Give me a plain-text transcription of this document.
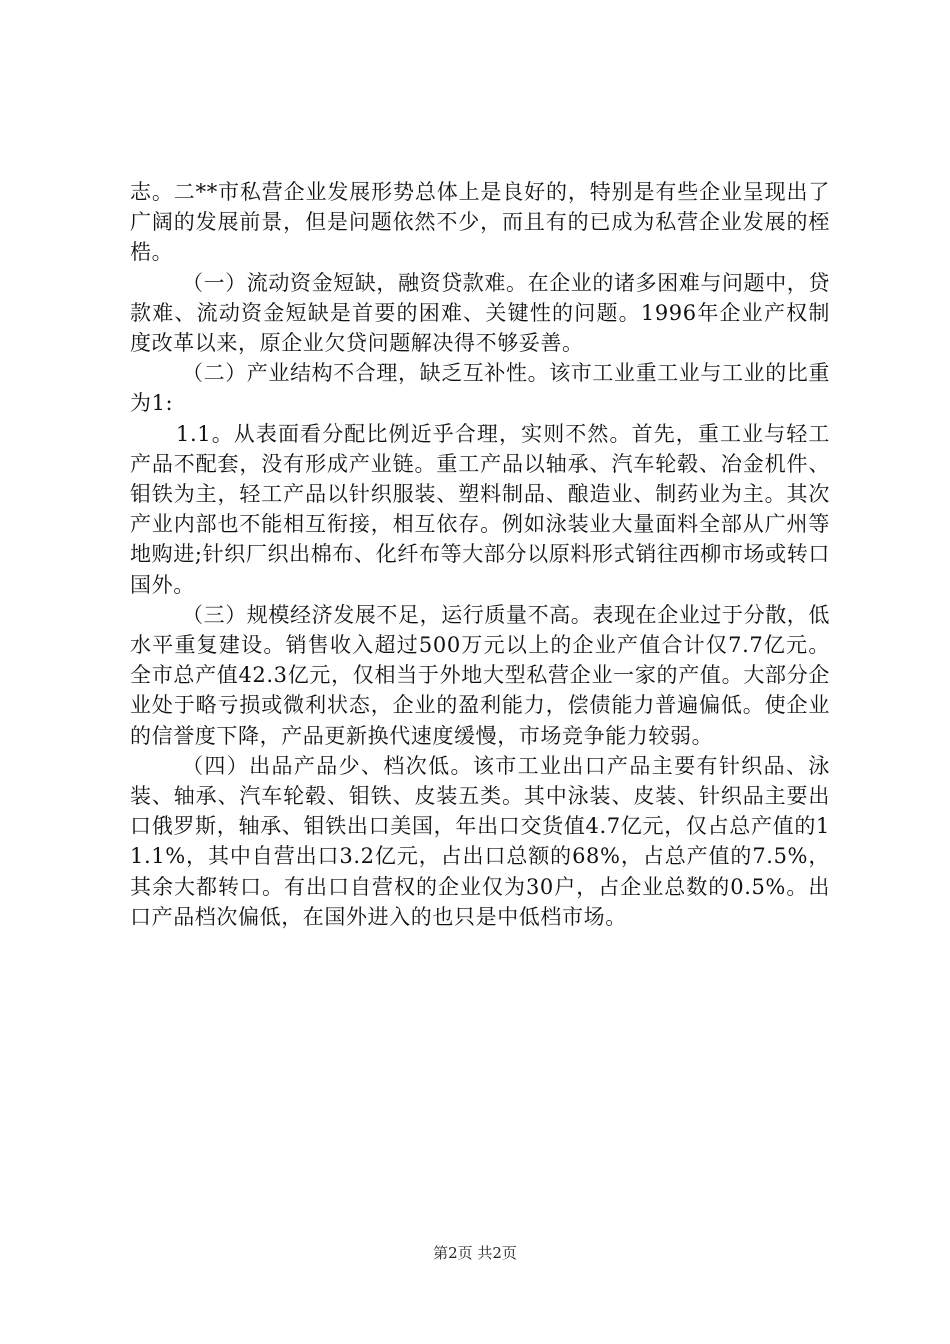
志。二**市私营企业发展形势总体上是良好的，特别是有些企业呈现出了广阔的发展前景，但是问题依然不少，而且有的已成为私营企业发展的桎梏。

（一）流动资金短缺，融资贷款难。在企业的诸多困难与问题中，贷款难、流动资金短缺是首要的困难、关键性的问题。1996年企业产权制度改革以来，原企业欠贷问题解决得不够妥善。

（二）产业结构不合理，缺乏互补性。该市工业重工业与工业的比重为1:

1.1。从表面看分配比例近乎合理，实则不然。首先，重工业与轻工产品不配套，没有形成产业链。重工产品以轴承、汽车轮毂、冶金机件、钼铁为主，轻工产品以针织服装、塑料制品、酿造业、制药业为主。其次产业内部也不能相互衔接，相互依存。例如泳装业大量面料全部从广州等地购进;针织厂织出棉布、化纤布等大部分以原料形式销往西柳市场或转口国外。

（三）规模经济发展不足，运行质量不高。表现在企业过于分散，低水平重复建设。销售收入超过500万元以上的企业产值合计仅7.7亿元。全市总产值42.3亿元，仅相当于外地大型私营企业一家的产值。大部分企业处于略亏损或微利状态，企业的盈利能力，偿债能力普遍偏低。使企业的信誉度下降，产品更新换代速度缓慢，市场竞争能力较弱。

（四）出品产品少、档次低。该市工业出口产品主要有针织品、泳装、轴承、汽车轮毂、钼铁、皮装五类。其中泳装、皮装、针织品主要出口俄罗斯，轴承、钼铁出口美国，年出口交货值4.7亿元，仅占总产值的11.1%，其中自营出口3.2亿元，占出口总额的68%，占总产值的7.5%，其余大都转口。有出口自营权的企业仅为30户，占企业总数的0.5%。出口产品档次偏低，在国外进入的也只是中低档市场。

第2页 共2页
